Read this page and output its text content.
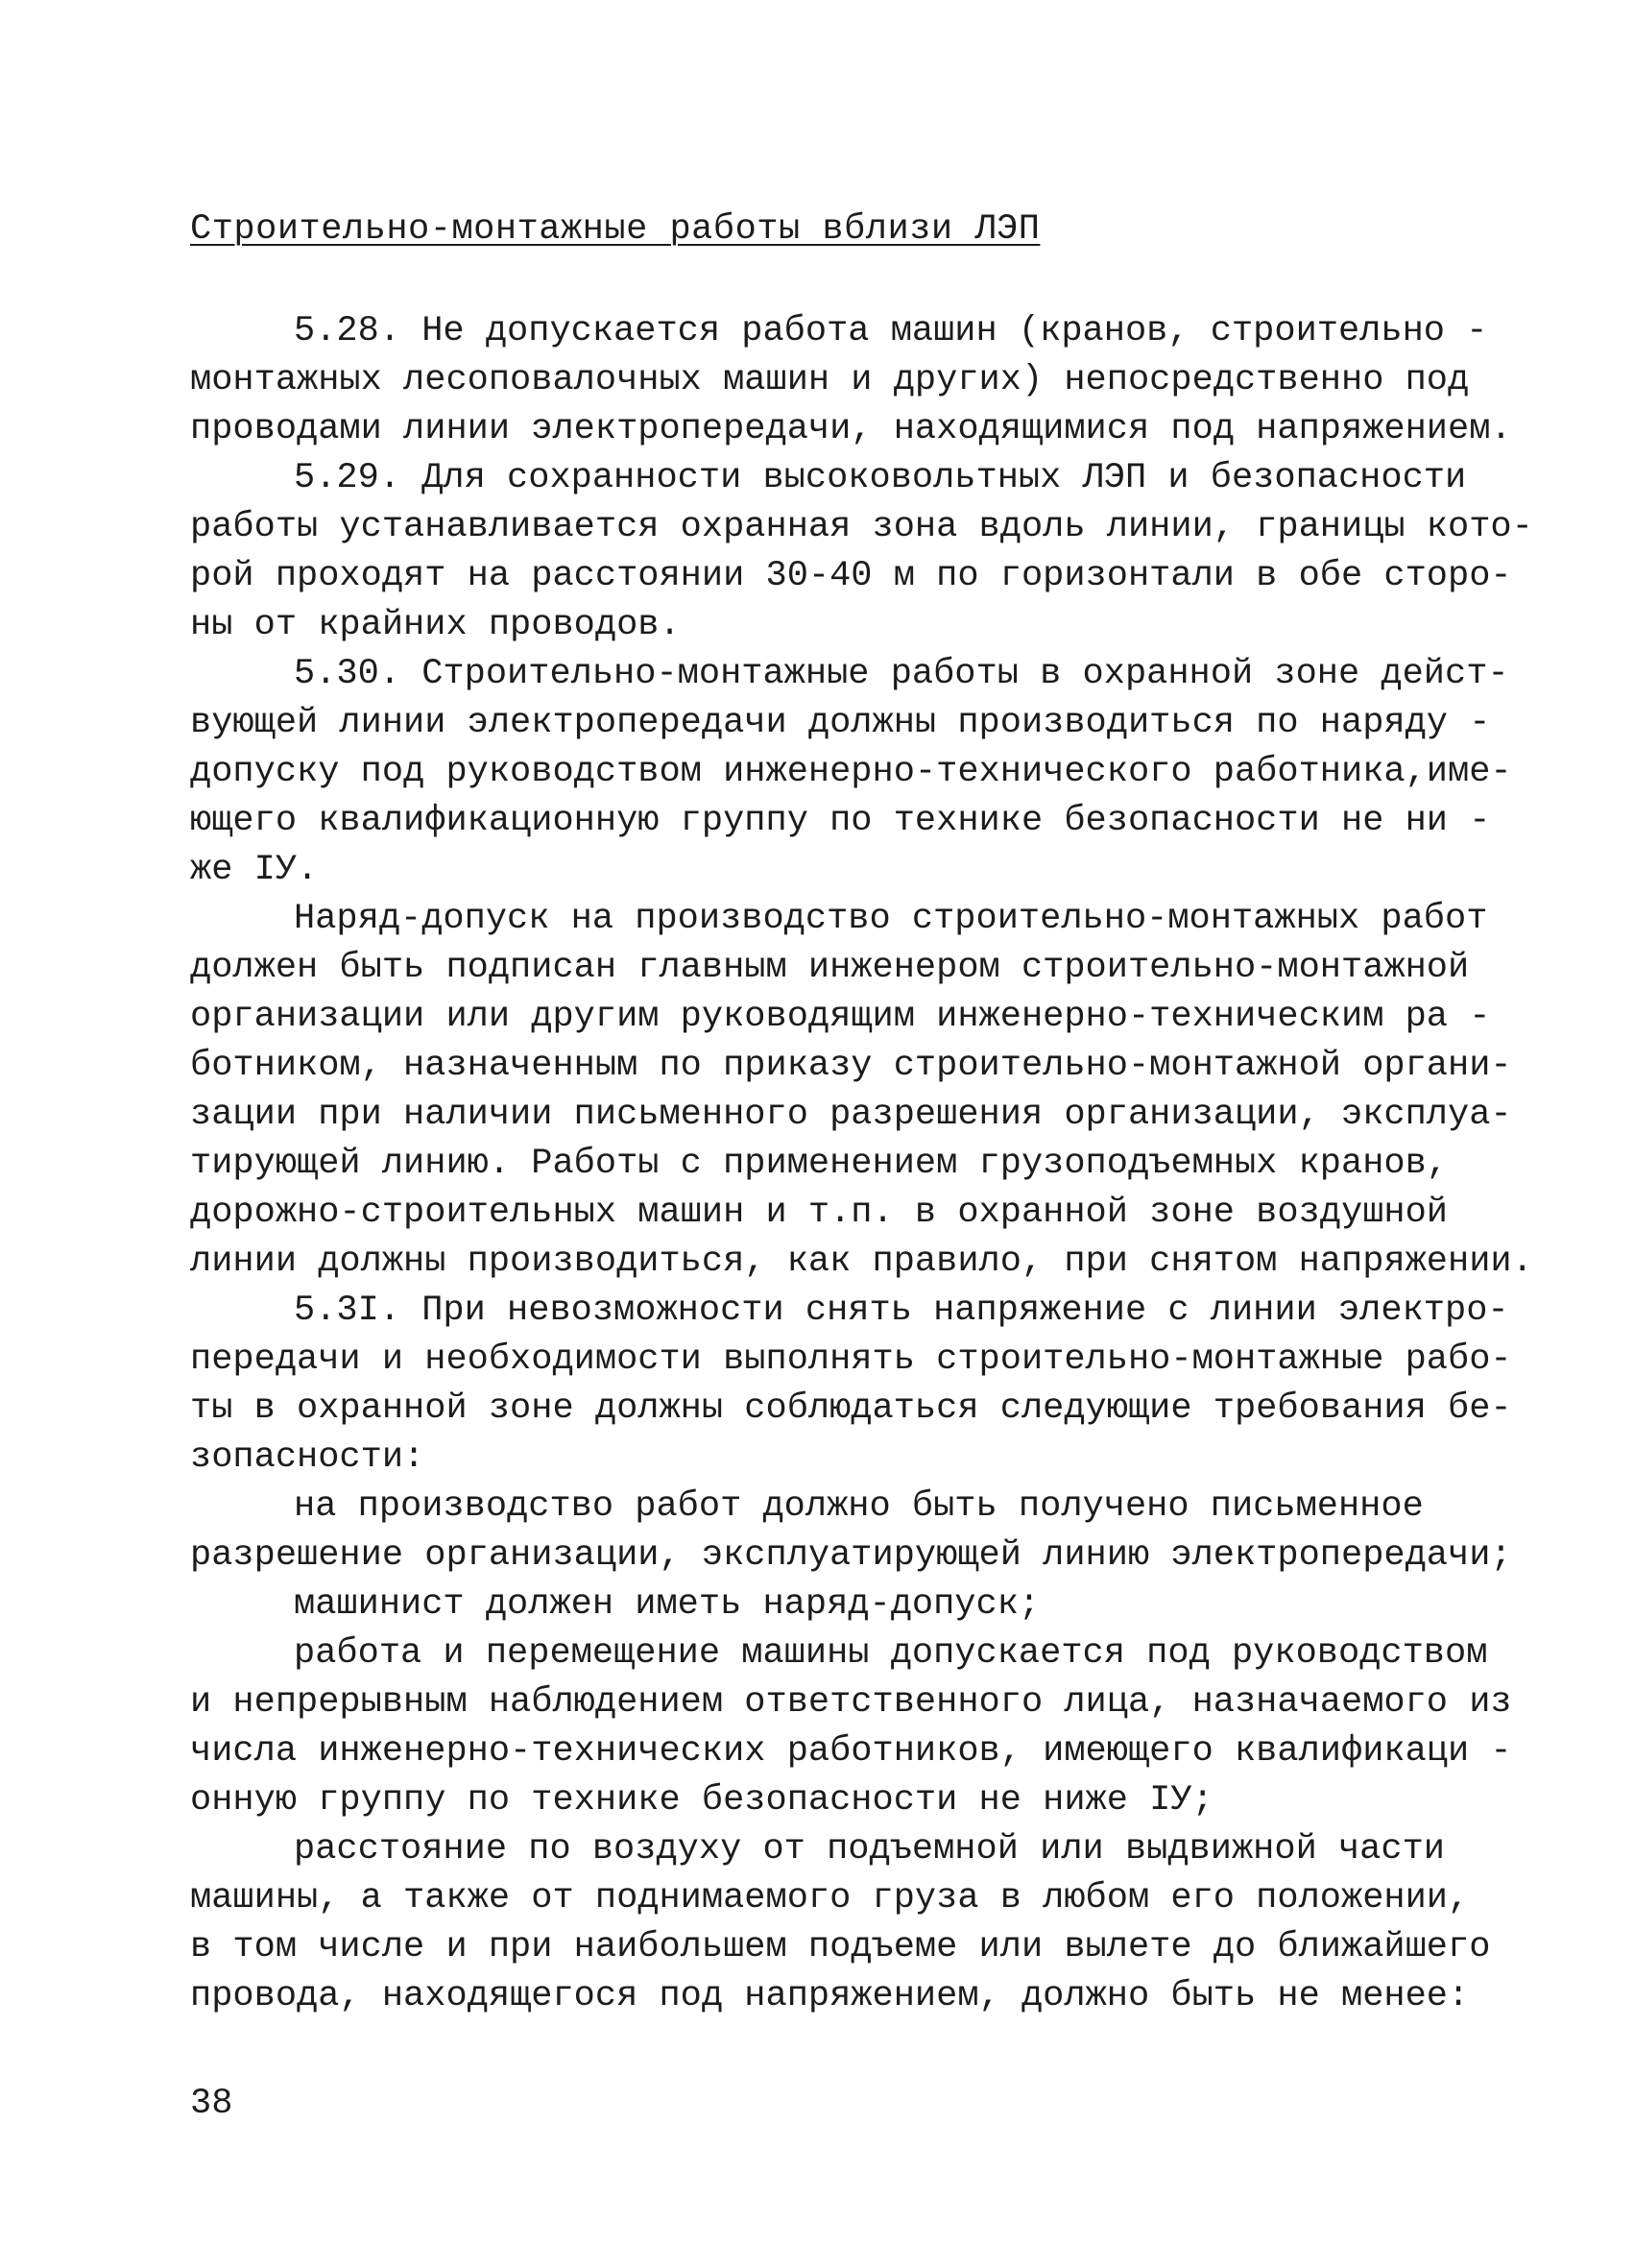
Строительно-монтажные работы вблизи ЛЭП
5.28. Не допускается работа машин (кранов, строительно -
монтажных лесоповалочных машин и других) непосредственно под
проводами линии электропередачи, находящимися под напряжением.
5.29. Для сохранности высоковольтных ЛЭП и безопасности
работы устанавливается охранная зона вдоль линии, границы кото-
рой проходят на расстоянии 30-40 м по горизонтали в обе сторо-
ны от крайних проводов.
5.30. Строительно-монтажные работы в охранной зоне дейст-
вующей линии электропередачи должны производиться по наряду -
допуску под руководством инженерно-технического работника,име-
ющего квалификационную группу по технике безопасности не ни -
же IУ.
Наряд-допуск на производство строительно-монтажных работ
должен быть подписан главным инженером строительно-монтажной
организации или другим руководящим инженерно-техническим ра -
ботником, назначенным по приказу строительно-монтажной органи-
зации при наличии письменного разрешения организации, эксплуа-
тирующей линию. Работы с применением грузоподъемных кранов,
дорожно-строительных машин и т.п. в охранной зоне воздушной
линии должны производиться, как правило, при снятом напряжении.
5.3I. При невозможности снять напряжение с линии электро-
передачи и необходимости выполнять строительно-монтажные рабо-
ты в охранной зоне должны соблюдаться следующие требования бе-
зопасности:
на производство работ должно быть получено письменное
разрешение организации, эксплуатирующей линию электропередачи;
машинист должен иметь наряд-допуск;
работа и перемещение машины допускается под руководством
и непрерывным наблюдением ответственного лица, назначаемого из
числа инженерно-технических работников, имеющего квалификаци -
онную группу по технике безопасности не ниже IУ;
расстояние по воздуху от подъемной или выдвижной части
машины, а также от поднимаемого груза в любом его положении,
в том числе и при наибольшем подъеме или вылете до ближайшего
провода, находящегося под напряжением, должно быть не менее:
38
